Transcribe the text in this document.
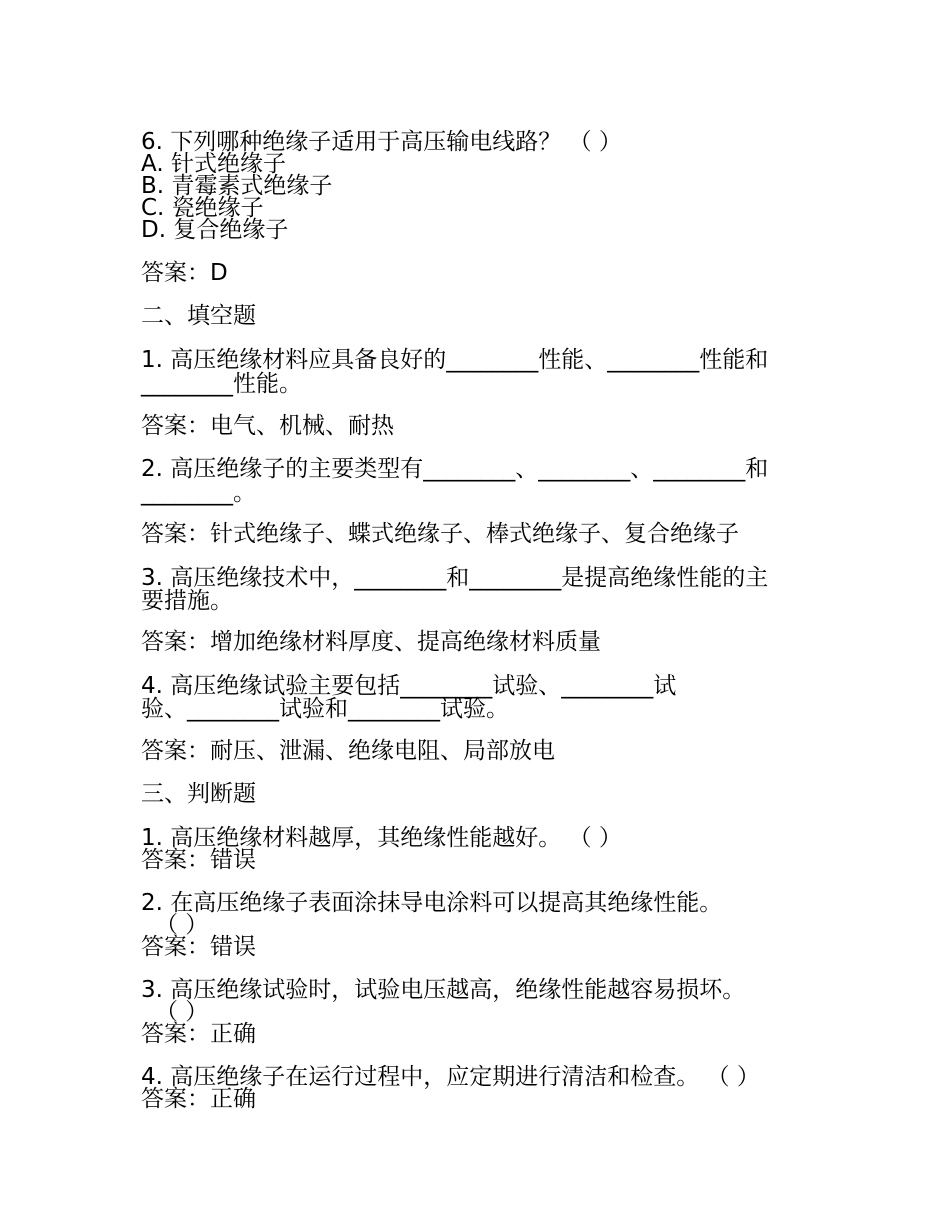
6. 下列哪种绝缘子适用于高压输电线路？ （ ）
A. 针式绝缘子
B. 青霉素式绝缘子
C. 瓷绝缘子
D. 复合绝缘子
答案：D
二、填空题
1. 高压绝缘材料应具备良好的________性能、________性能和
________性能。
答案：电气、机械、耐热
2. 高压绝缘子的主要类型有________、________、________和
________。
答案：针式绝缘子、蝶式绝缘子、棒式绝缘子、复合绝缘子
3. 高压绝缘技术中，________和________是提高绝缘性能的主
要措施。
答案：增加绝缘材料厚度、提高绝缘材料质量
4. 高压绝缘试验主要包括________试验、________试
验、________试验和________试验。
答案：耐压、泄漏、绝缘电阻、局部放电
三、判断题
1. 高压绝缘材料越厚，其绝缘性能越好。 （ ）
答案：错误
2. 在高压绝缘子表面涂抹导电涂料可以提高其绝缘性能。
（ ）
答案：错误
3. 高压绝缘试验时，试验电压越高，绝缘性能越容易损坏。
（ ）
答案：正确
4. 高压绝缘子在运行过程中，应定期进行清洁和检查。 （ ）
答案：正确
